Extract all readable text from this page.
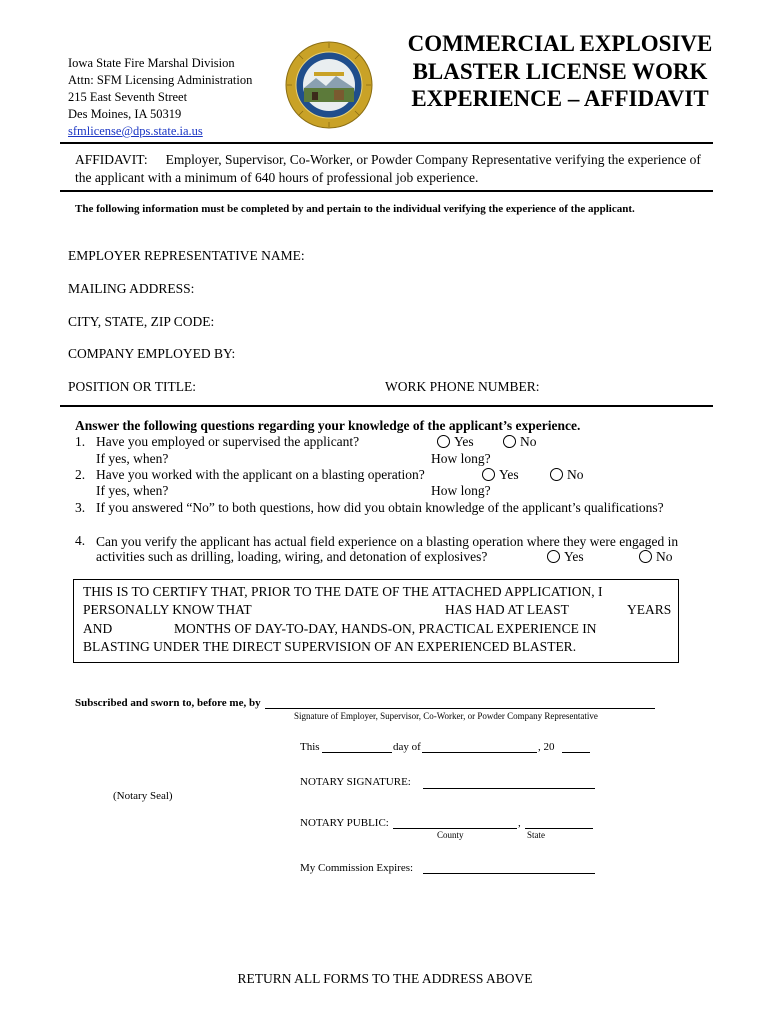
Iowa State Fire Marshal Division
Attn: SFM Licensing Administration
215 East Seventh Street
Des Moines, IA 50319
sfmlicense@dps.state.ia.us
COMMERCIAL EXPLOSIVE
BLASTER LICENSE WORK
EXPERIENCE – AFFIDAVIT
AFFIDAVIT: Employer, Supervisor, Co-Worker, or Powder Company Representative verifying the experience of the applicant with a minimum of 640 hours of professional job experience.
The following information must be completed by and pertain to the individual verifying the experience of the applicant.
EMPLOYER REPRESENTATIVE NAME:
MAILING ADDRESS:
CITY, STATE, ZIP CODE:
COMPANY EMPLOYED BY:
POSITION OR TITLE:	WORK PHONE NUMBER:
Answer the following questions regarding your knowledge of the applicant’s experience.
1. Have you employed or supervised the applicant?	Yes	No
If yes, when?	How long?
2. Have you worked with the applicant on a blasting operation?	Yes	No
If yes, when?	How long?
3. If you answered “No” to both questions, how did you obtain knowledge of the applicant’s qualifications?
4. Can you verify the applicant has actual field experience on a blasting operation where they were engaged in
activities such as drilling, loading, wiring, and detonation of explosives?	Yes	No
THIS IS TO CERTIFY THAT, PRIOR TO THE DATE OF THE ATTACHED APPLICATION, I
PERSONALLY KNOW THAT	HAS HAD AT LEAST	YEARS
AND	MONTHS OF DAY-TO-DAY, HANDS-ON, PRACTICAL EXPERIENCE IN
BLASTING UNDER THE DIRECT SUPERVISION OF AN EXPERIENCED BLASTER.
Subscribed and sworn to, before me, by
Signature of Employer, Supervisor, Co-Worker, or Powder Company Representative
This	day of	, 20
NOTARY SIGNATURE:
(Notary Seal)
NOTARY PUBLIC:	,
County	State
My Commission Expires:
RETURN ALL FORMS TO THE ADDRESS ABOVE
